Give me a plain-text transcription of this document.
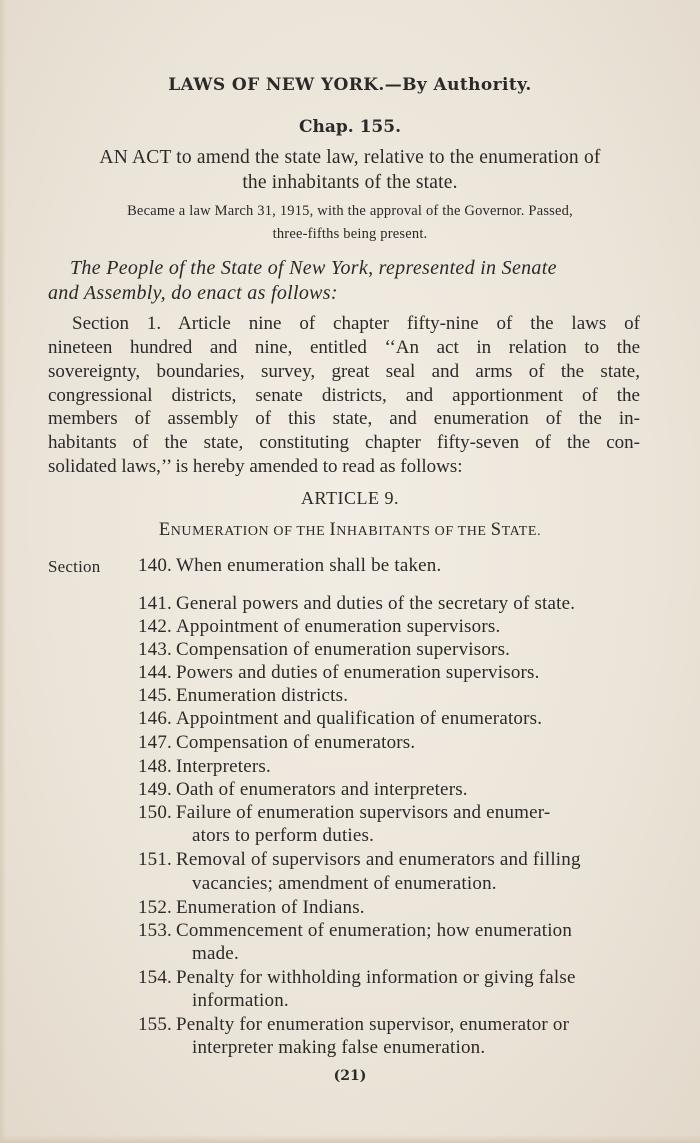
LAWS OF NEW YORK.—By Authority.
Chap. 155.
AN ACT to amend the state law, relative to the enumeration of
the inhabitants of the state.
Became a law March 31, 1915, with the approval of the Governor. Passed,
three-fifths being present.
The People of the State of New York, represented in Senate
and Assembly, do enact as follows:
Section 1. Article nine of chapter fifty-nine of the laws of
nineteen hundred and nine, entitled ‘‘An act in relation to the
sovereignty, boundaries, survey, great seal and arms of the state,
congressional districts, senate districts, and apportionment of the
members of assembly of this state, and enumeration of the in-
habitants of the state, constituting chapter fifty-seven of the con-
solidated laws,’’ is hereby amended to read as follows:
ARTICLE 9.
ENUMERATION OF THE INHABITANTS OF THE STATE.
Section	140. When enumeration shall be taken.
141. General powers and duties of the secretary of state.
142. Appointment of enumeration supervisors.
143. Compensation of enumeration supervisors.
144. Powers and duties of enumeration supervisors.
145. Enumeration districts.
146. Appointment and qualification of enumerators.
147. Compensation of enumerators.
148. Interpreters.
149. Oath of enumerators and interpreters.
150. Failure of enumeration supervisors and enumer-
ators to perform duties.
151. Removal of supervisors and enumerators and filling
vacancies; amendment of enumeration.
152. Enumeration of Indians.
153. Commencement of enumeration; how enumeration
made.
154. Penalty for withholding information or giving false
information.
155. Penalty for enumeration supervisor, enumerator or
interpreter making false enumeration.
(21)
